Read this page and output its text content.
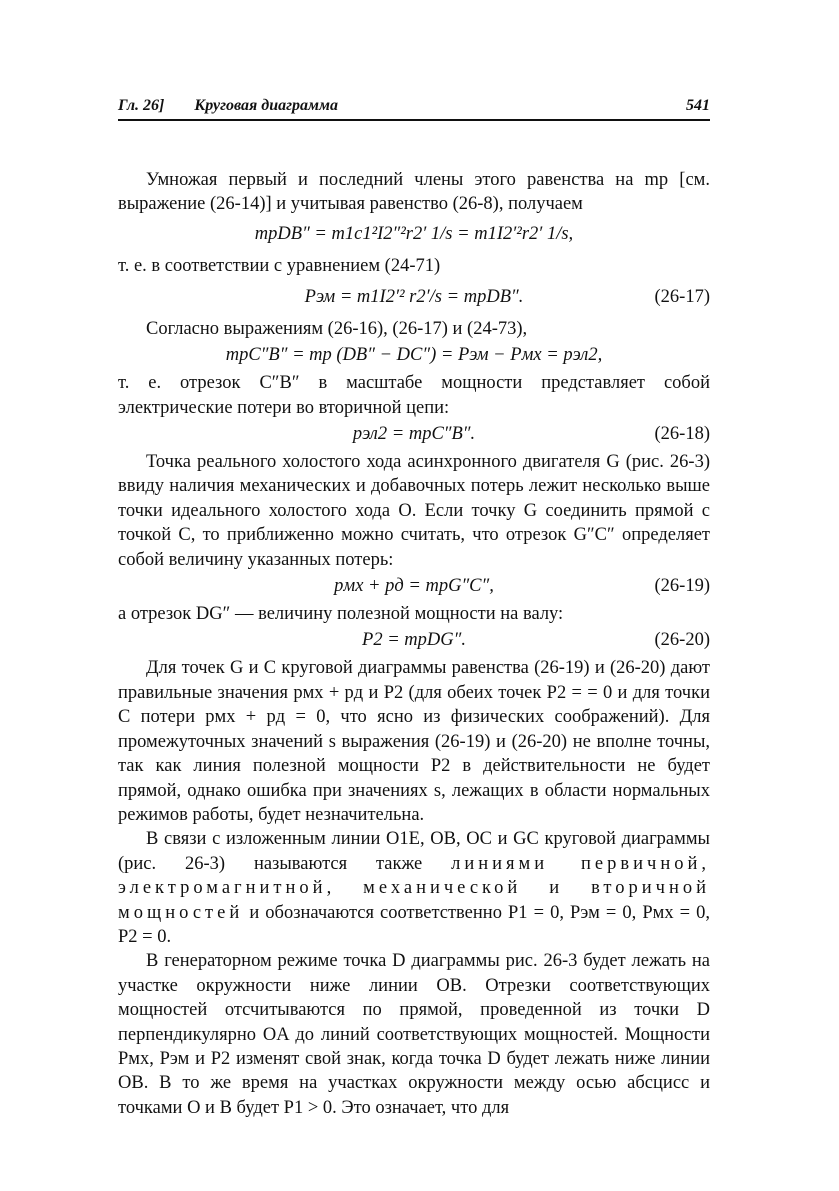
Гл. 26] Круговая диаграмма	541

Умножая первый и последний члены этого равенства на mp [см. выражение (26-14)] и учитывая равенство (26-8), получаем

mpDB″ = m1c1²I2″²r2′ 1/s = m1I2′²r2′ 1/s,

т. е. в соответствии с уравнением (24-71)

Pэм = m1I2′² r2′/s = mpDB″.	(26-17)

Согласно выражениям (26-16), (26-17) и (24-73),

mpC″B″ = mp (DB″ − DC″) = Pэм − Pмх = pэл2,

т. е. отрезок C″B″ в масштабе мощности представляет собой электрические потери во вторичной цепи:

pэл2 = mpC″B″.	(26-18)

Точка реального холостого хода асинхронного двигателя G (рис. 26-3) ввиду наличия механических и добавочных потерь лежит несколько выше точки идеального холостого хода O. Если точку G соединить прямой с точкой C, то приближенно можно считать, что отрезок G″C″ определяет собой величину указанных потерь:

pмх + pд = mpG″C″,	(26-19)

а отрезок DG″ — величину полезной мощности на валу:

P2 = mpDG″.	(26-20)

Для точек G и C круговой диаграммы равенства (26-19) и (26-20) дают правильные значения pмх + pд и P2 (для обеих точек P2 = = 0 и для точки C потери pмх + pд = 0, что ясно из физических соображений). Для промежуточных значений s выражения (26-19) и (26-20) не вполне точны, так как линия полезной мощности P2 в действительности не будет прямой, однако ошибка при значениях s, лежащих в области нормальных режимов работы, будет незначительна.

В связи с изложенным линии O1E, OB, OC и GC круговой диаграммы (рис. 26-3) называются также линиями первичной, электромагнитной, механической и вторичной мощностей и обозначаются соответственно P1 = 0, Pэм = 0, Pмх = 0, P2 = 0.

В генераторном режиме точка D диаграммы рис. 26-3 будет лежать на участке окружности ниже линии OB. Отрезки соответствующих мощностей отсчитываются по прямой, проведенной из точки D перпендикулярно OA до линий соответствующих мощностей. Мощности Pмх, Pэм и P2 изменят свой знак, когда точка D будет лежать ниже линии OB. В то же время на участках окружности между осью абсцисс и точками O и B будет P1 > 0. Это означает, что для
